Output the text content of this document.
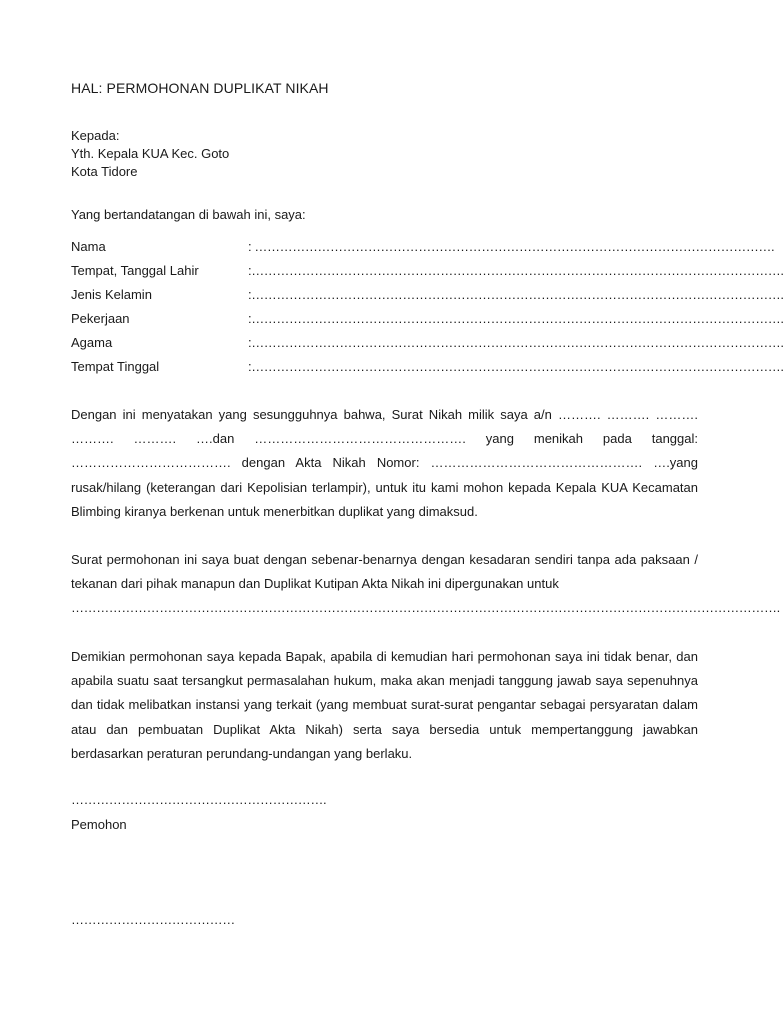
HAL: PERMOHONAN DUPLIKAT NIKAH
Kepada:
Yth. Kepala KUA Kec. Goto
Kota Tidore
Yang bertandatangan di bawah ini, saya:
Nama	: …………………………………………………………………………………………………………….
Tempat, Tanggal Lahir	:……………………………………………………………………………………………………………….
Jenis Kelamin	:……………………………………………………………………………………………………………….
Pekerjaan	:……………………………………………………………………………………………………………….
Agama	:……………………………………………………………………………………………………………….
Tempat Tinggal	:……………………………………………………………………………………………………………….
Dengan ini menyatakan yang sesungguhnya bahwa, Surat Nikah milik saya a/n ………. ………. ………. ………. ………. ….dan …………………………………………. yang menikah pada tanggal: ………………………………. dengan Akta Nikah Nomor: …………………………………………. ….yang rusak/hilang (keterangan dari Kepolisian terlampir), untuk itu kami mohon kepada Kepala KUA Kecamatan Blimbing kiranya berkenan untuk menerbitkan duplikat yang dimaksud.
Surat permohonan ini saya buat dengan sebenar-benarnya dengan kesadaran sendiri tanpa ada paksaan / tekanan dari pihak manapun dan Duplikat Kutipan Akta Nikah ini dipergunakan untuk
…………………………………………………………………………………………………………………………………………………….
Demikian permohonan saya kepada Bapak, apabila di kemudian hari permohonan saya ini tidak benar, dan apabila suatu saat tersangkut permasalahan hukum, maka akan menjadi tanggung jawab saya sepenuhnya dan tidak melibatkan instansi yang terkait (yang membuat surat-surat pengantar sebagai persyaratan dalam atau dan pembuatan Duplikat Akta Nikah) serta saya bersedia untuk mempertanggung jawabkan berdasarkan peraturan perundang-undangan yang berlaku.
…………………………………………………….
Pemohon
…………………………………
